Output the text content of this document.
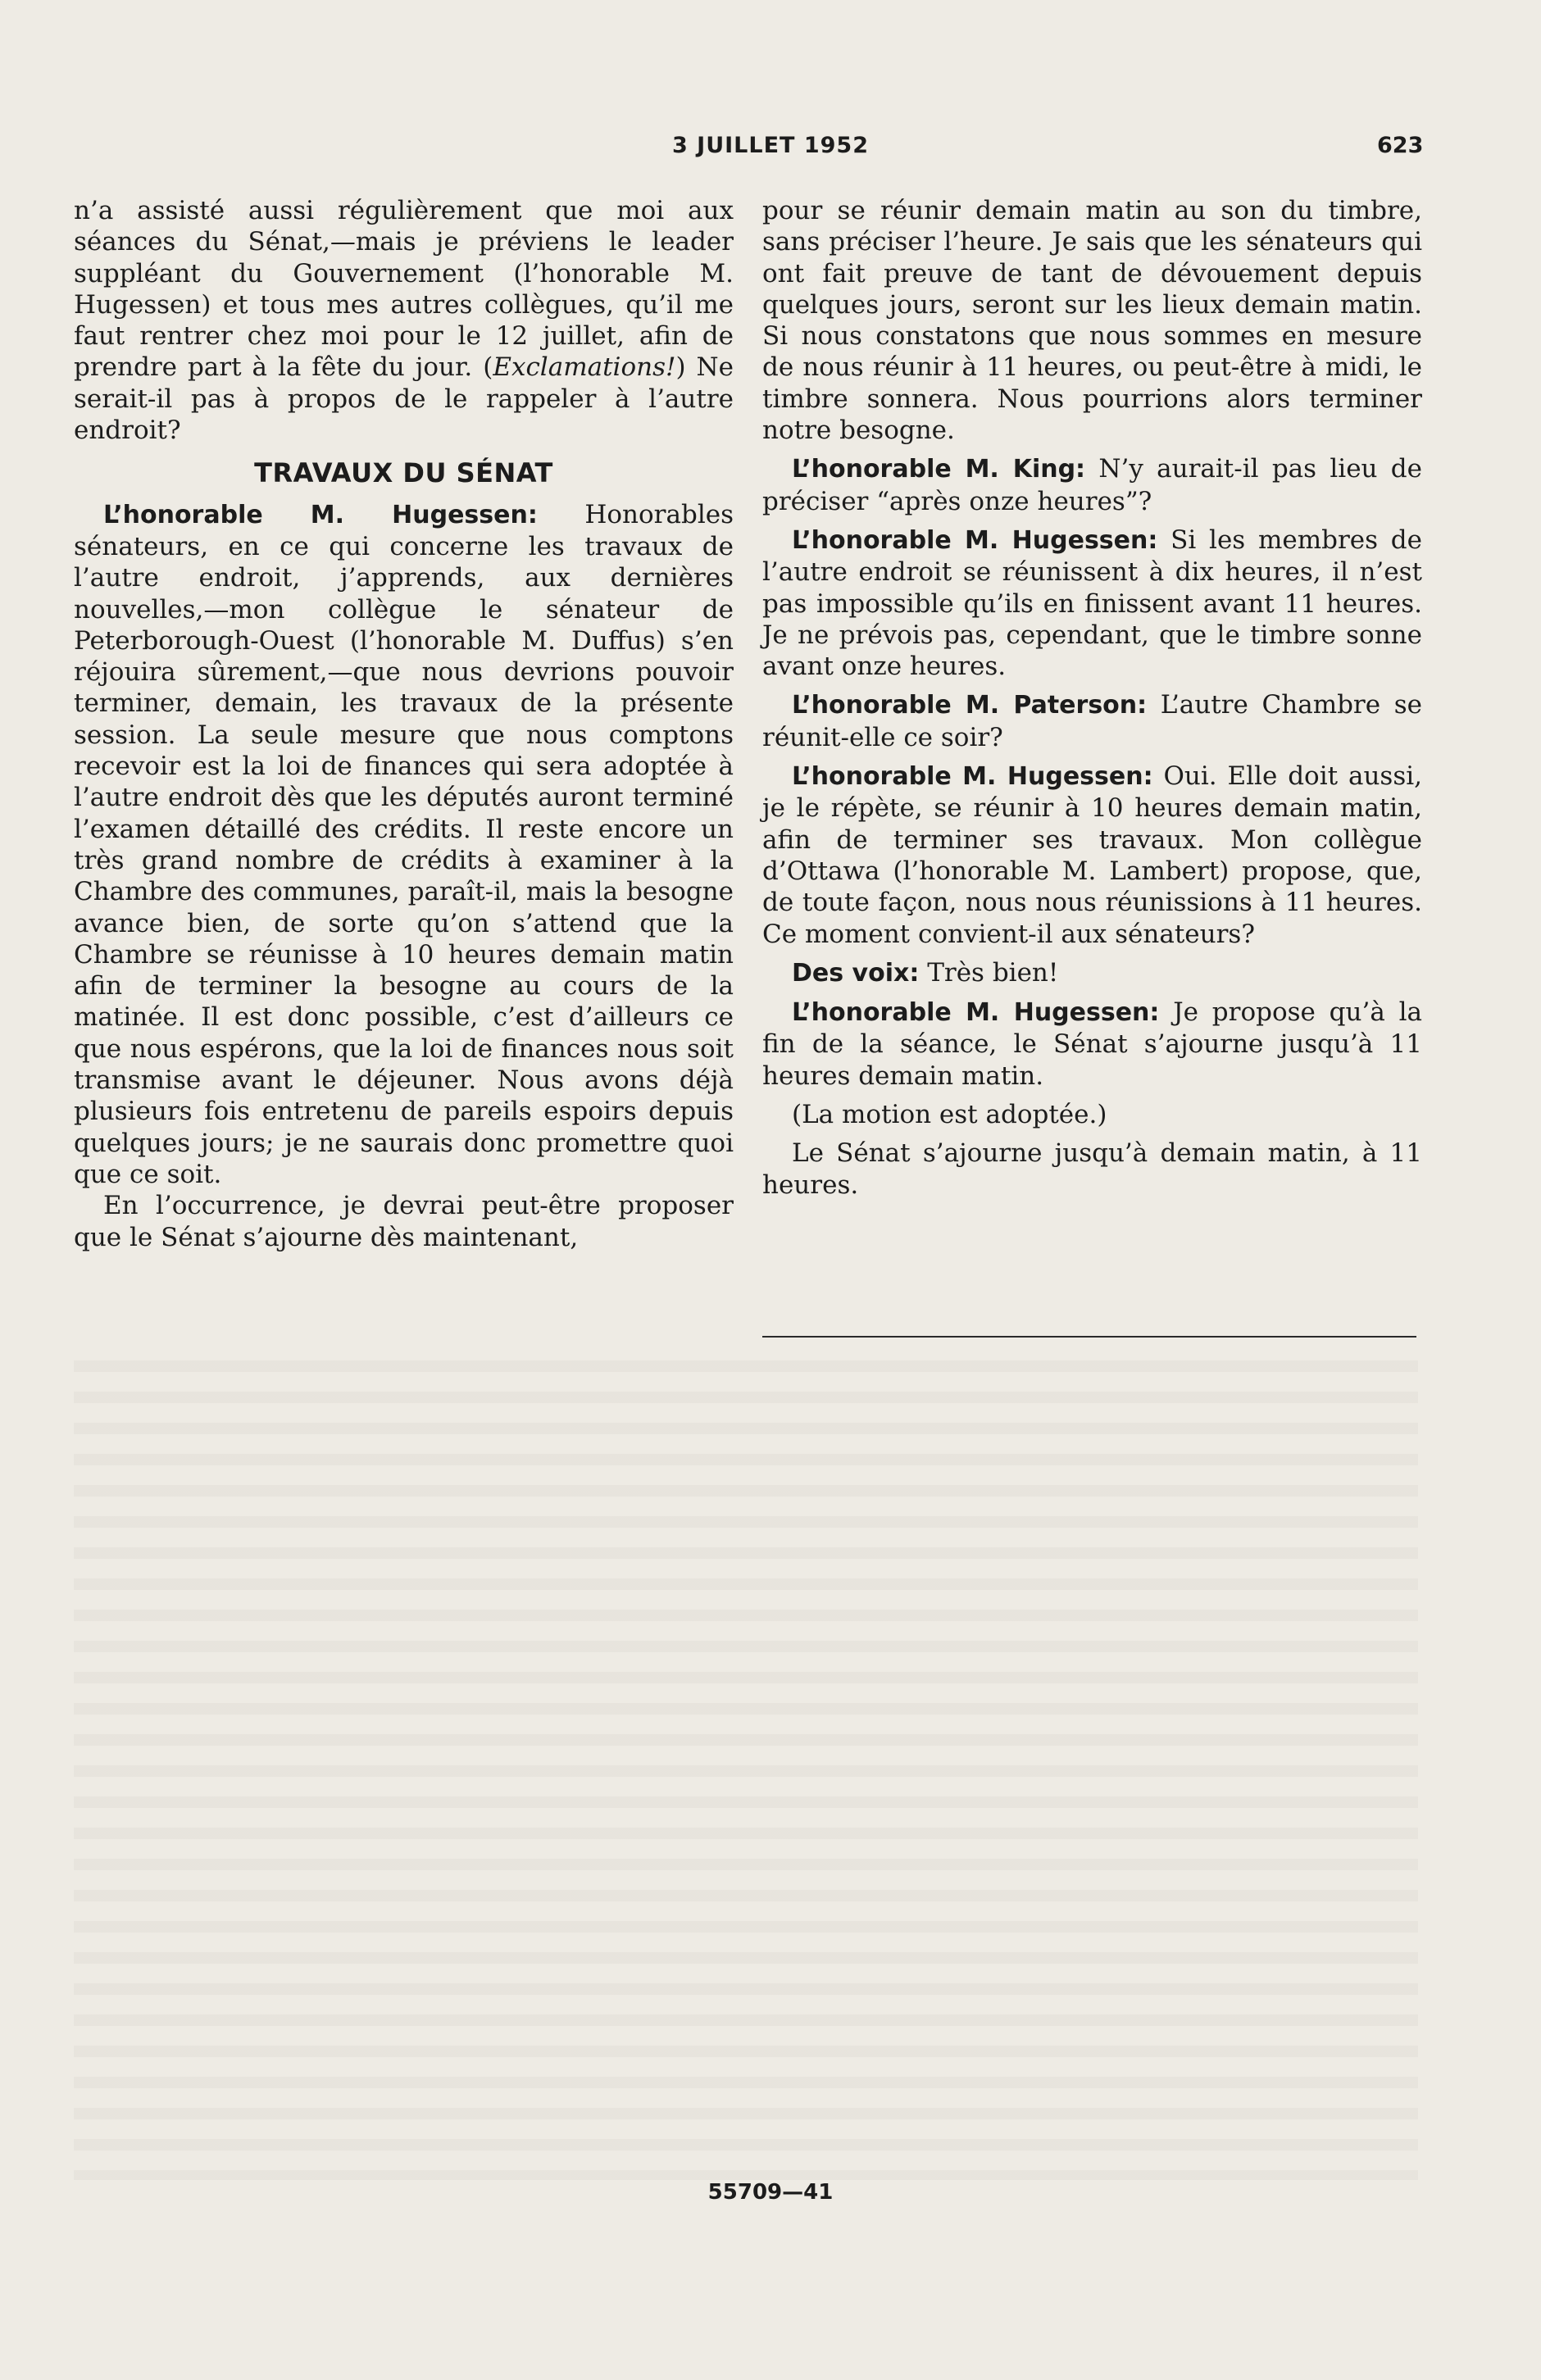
3 JUILLET 1952	623

n’a assisté aussi régulièrement que moi aux séances du Sénat,—mais je préviens le leader suppléant du Gouvernement (l’honorable M. Hugessen) et tous mes autres collègues, qu’il me faut rentrer chez moi pour le 12 juillet, afin de prendre part à la fête du jour. (Exclamations!) Ne serait-il pas à propos de le rappeler à l’autre endroit?

TRAVAUX DU SÉNAT

L’honorable M. Hugessen: Honorables sénateurs, en ce qui concerne les travaux de l’autre endroit, j’apprends, aux dernières nouvelles,—mon collègue le sénateur de Peterborough-Ouest (l’honorable M. Duffus) s’en réjouira sûrement,—que nous devrions pouvoir terminer, demain, les travaux de la présente session. La seule mesure que nous comptons recevoir est la loi de finances qui sera adoptée à l’autre endroit dès que les députés auront terminé l’examen détaillé des crédits. Il reste encore un très grand nombre de crédits à examiner à la Chambre des communes, paraît-il, mais la besogne avance bien, de sorte qu’on s’attend que la Chambre se réunisse à 10 heures demain matin afin de terminer la besogne au cours de la matinée. Il est donc possible, c’est d’ailleurs ce que nous espérons, que la loi de finances nous soit transmise avant le déjeuner. Nous avons déjà plusieurs fois entretenu de pareils espoirs depuis quelques jours; je ne saurais donc promettre quoi que ce soit.

En l’occurrence, je devrai peut-être proposer que le Sénat s’ajourne dès maintenant,

pour se réunir demain matin au son du timbre, sans préciser l’heure. Je sais que les sénateurs qui ont fait preuve de tant de dévouement depuis quelques jours, seront sur les lieux demain matin. Si nous constatons que nous sommes en mesure de nous réunir à 11 heures, ou peut-être à midi, le timbre sonnera. Nous pourrions alors terminer notre besogne.

L’honorable M. King: N’y aurait-il pas lieu de préciser “après onze heures”?

L’honorable M. Hugessen: Si les membres de l’autre endroit se réunissent à dix heures, il n’est pas impossible qu’ils en finissent avant 11 heures. Je ne prévois pas, cependant, que le timbre sonne avant onze heures.

L’honorable M. Paterson: L’autre Chambre se réunit-elle ce soir?

L’honorable M. Hugessen: Oui. Elle doit aussi, je le répète, se réunir à 10 heures demain matin, afin de terminer ses travaux. Mon collègue d’Ottawa (l’honorable M. Lambert) propose, que, de toute façon, nous nous réunissions à 11 heures. Ce moment convient-il aux sénateurs?

Des voix: Très bien!

L’honorable M. Hugessen: Je propose qu’à la fin de la séance, le Sénat s’ajourne jusqu’à 11 heures demain matin.

(La motion est adoptée.)

Le Sénat s’ajourne jusqu’à demain matin, à 11 heures.

55709—41
